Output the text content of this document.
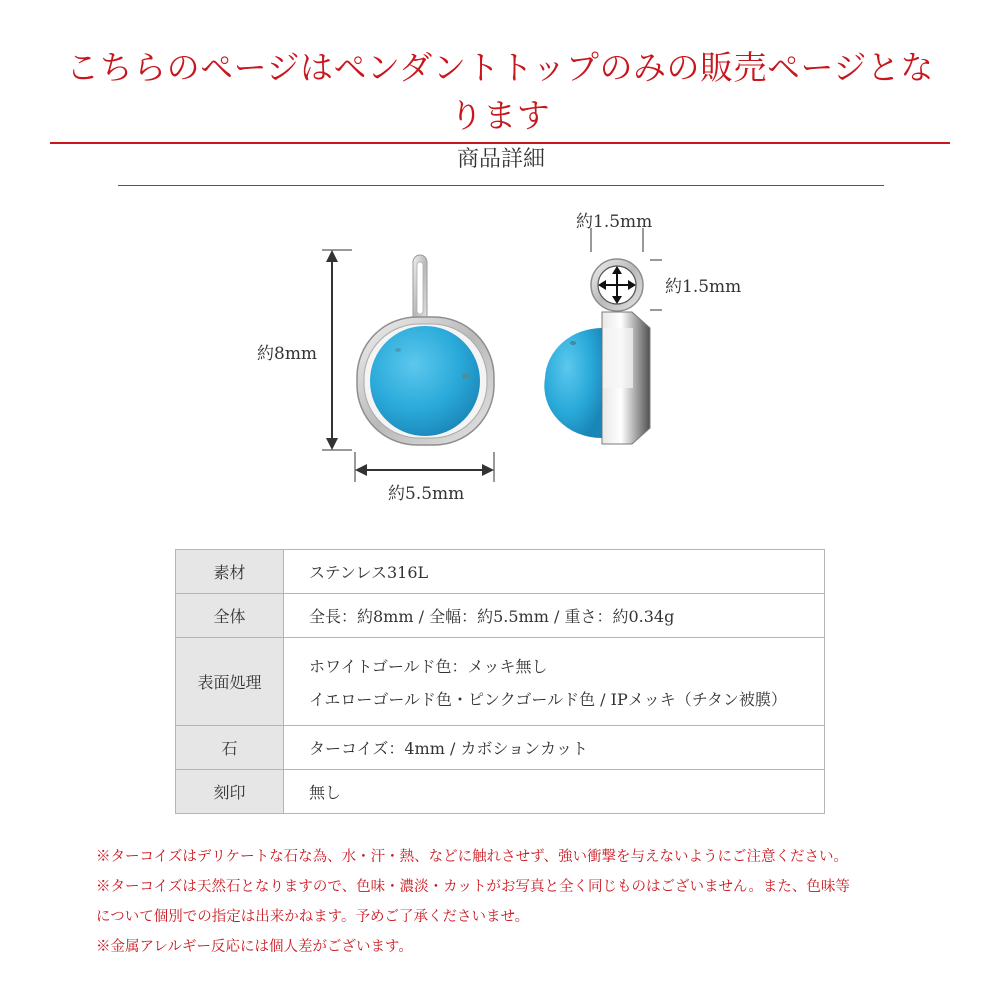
こちらのページはペンダントトップのみの販売ページとなります
商品詳細
約8mm
約5.5mm
約1.5mm
約1.5mm
素材	ステンレス316L
全体	全長：約8mm / 全幅：約5.5mm / 重さ：約0.34g
表面処理	ホワイトゴールド色：メッキ無し
イエローゴールド色・ピンクゴールド色 / IPメッキ（チタン被膜）

石	ターコイズ：4mm / カボションカット
刻印	無し
※ターコイズはデリケートな石な為、水・汗・熱、などに触れさせず、強い衝撃を与えないようにご注意ください。
※ターコイズは天然石となりますので、色味・濃淡・カットがお写真と全く同じものはございません。また、色味等
について個別での指定は出来かねます。予めご了承くださいませ。
※金属アレルギー反応には個人差がございます。
